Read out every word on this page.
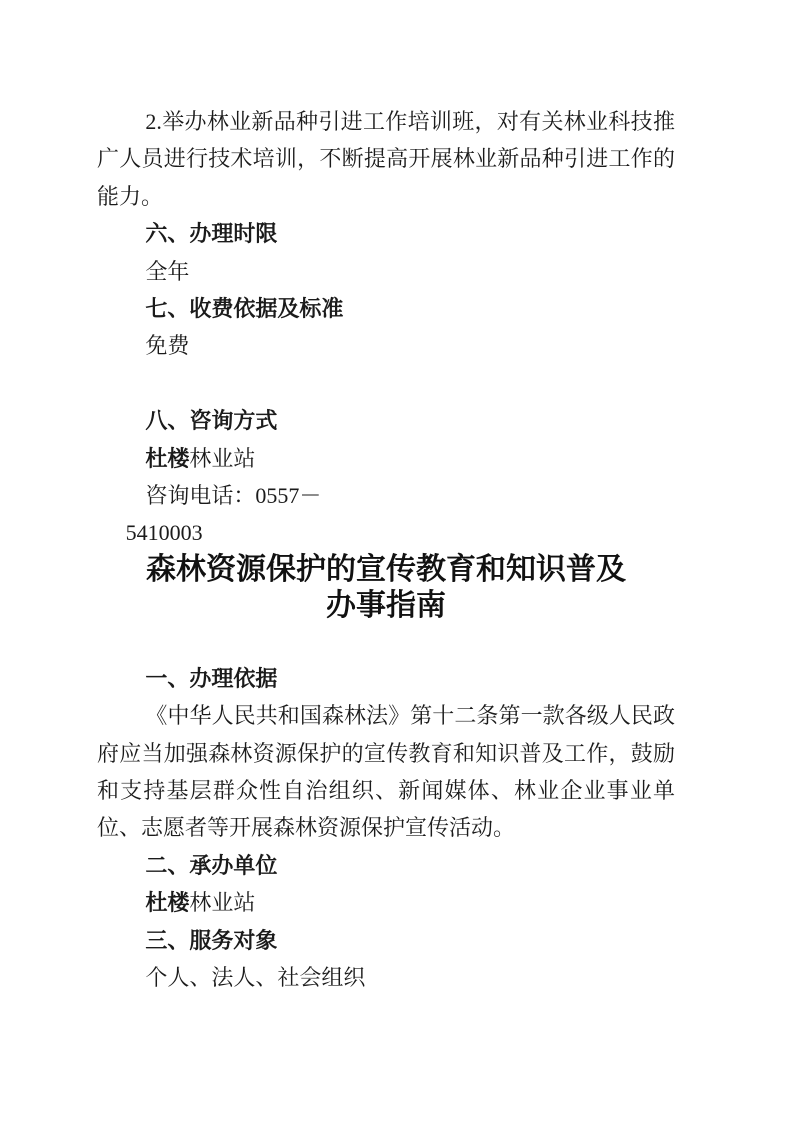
2.举办林业新品种引进工作培训班，对有关林业科技推广人员进行技术培训，不断提高开展林业新品种引进工作的能力。

六、办理时限

全年

七、收费依据及标准

免费

八、咨询方式

杜楼林业站

咨询电话：0557－

5410003

森林资源保护的宣传教育和知识普及
办事指南

一、办理依据

《中华人民共和国森林法》第十二条第一款各级人民政府应当加强森林资源保护的宣传教育和知识普及工作，鼓励和支持基层群众性自治组织、新闻媒体、林业企业事业单位、志愿者等开展森林资源保护宣传活动。

二、承办单位

杜楼林业站

三、服务对象

个人、法人、社会组织
